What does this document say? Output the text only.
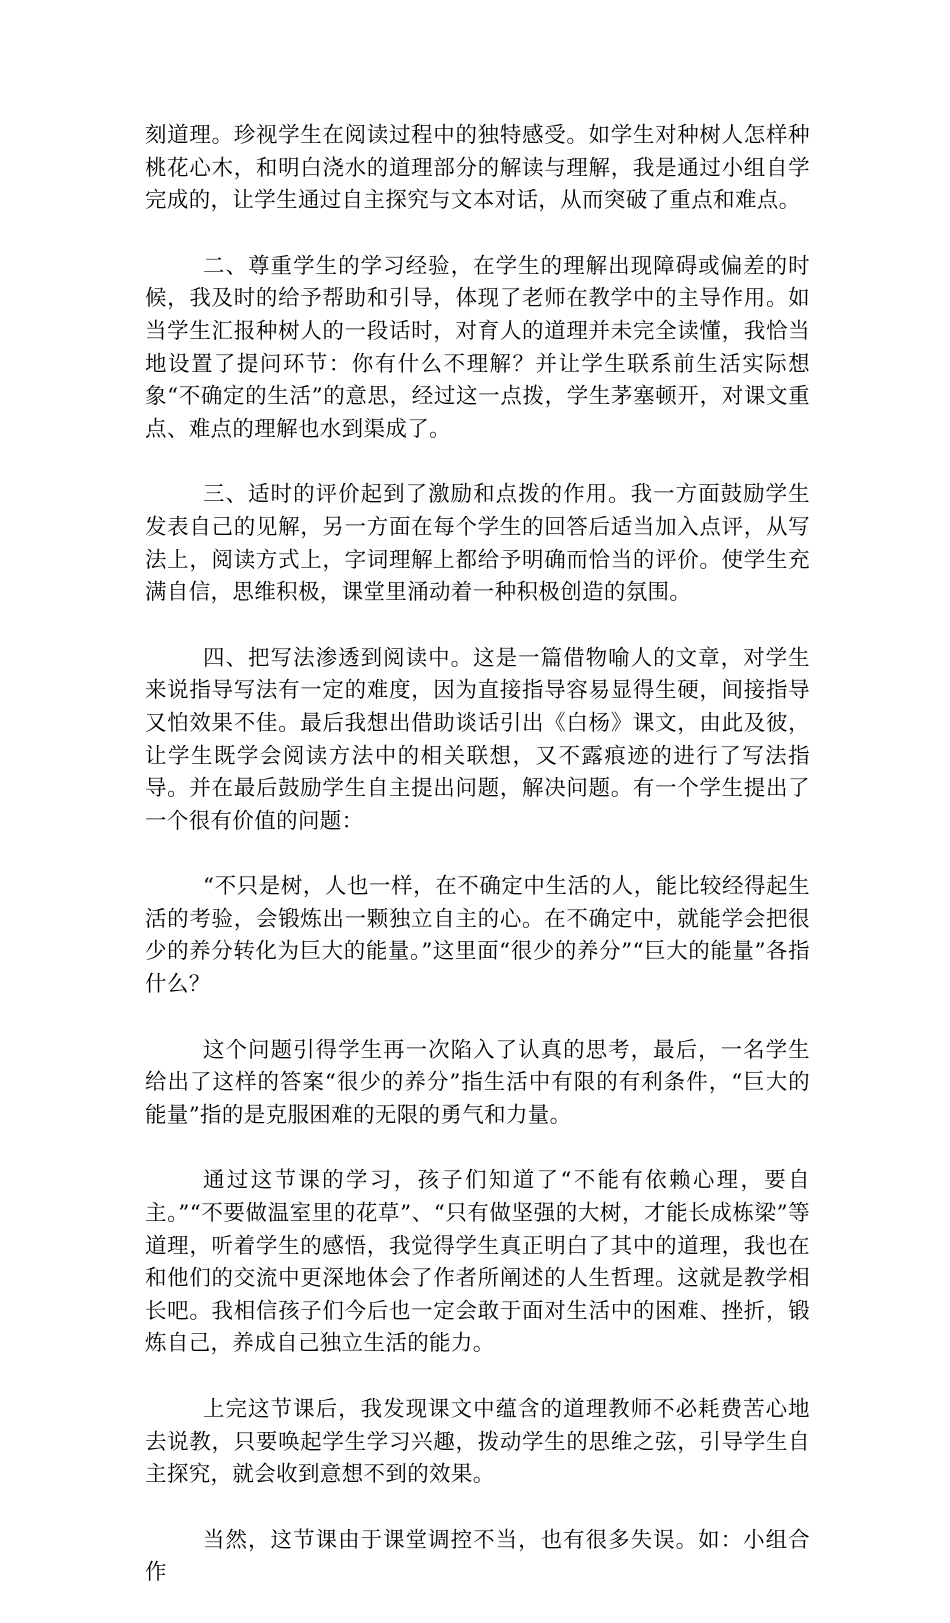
刻道理。珍视学生在阅读过程中的独特感受。如学生对种树人怎样种桃花心木，和明白浇水的道理部分的解读与理解，我是通过小组自学完成的，让学生通过自主探究与文本对话，从而突破了重点和难点。

二、尊重学生的学习经验，在学生的理解出现障碍或偏差的时候，我及时的给予帮助和引导，体现了老师在教学中的主导作用。如当学生汇报种树人的一段话时，对育人的道理并未完全读懂，我恰当地设置了提问环节：你有什么不理解？并让学生联系前生活实际想象“不确定的生活”的意思，经过这一点拨，学生茅塞顿开，对课文重点、难点的理解也水到渠成了。

三、适时的评价起到了激励和点拨的作用。我一方面鼓励学生发表自己的见解，另一方面在每个学生的回答后适当加入点评，从写法上，阅读方式上，字词理解上都给予明确而恰当的评价。使学生充满自信，思维积极，课堂里涌动着一种积极创造的氛围。

四、把写法渗透到阅读中。这是一篇借物喻人的文章，对学生来说指导写法有一定的难度，因为直接指导容易显得生硬，间接指导又怕效果不佳。最后我想出借助谈话引出《白杨》课文，由此及彼，让学生既学会阅读方法中的相关联想，又不露痕迹的进行了写法指导。并在最后鼓励学生自主提出问题，解决问题。有一个学生提出了一个很有价值的问题：

“不只是树，人也一样，在不确定中生活的人，能比较经得起生活的考验，会锻炼出一颗独立自主的心。在不确定中，就能学会把很少的养分转化为巨大的能量。”这里面“很少的养分”“巨大的能量”各指什么？

这个问题引得学生再一次陷入了认真的思考，最后，一名学生给出了这样的答案“很少的养分”指生活中有限的有利条件，“巨大的能量”指的是克服困难的无限的勇气和力量。

通过这节课的学习，孩子们知道了“不能有依赖心理，要自主。”“不要做温室里的花草”、“只有做坚强的大树，才能长成栋梁”等道理，听着学生的感悟，我觉得学生真正明白了其中的道理，我也在和他们的交流中更深地体会了作者所阐述的人生哲理。这就是教学相长吧。我相信孩子们今后也一定会敢于面对生活中的困难、挫折，锻炼自己，养成自己独立生活的能力。

上完这节课后，我发现课文中蕴含的道理教师不必耗费苦心地去说教，只要唤起学生学习兴趣，拨动学生的思维之弦，引导学生自主探究，就会收到意想不到的效果。

当然，这节课由于课堂调控不当，也有很多失误。如：小组合作
